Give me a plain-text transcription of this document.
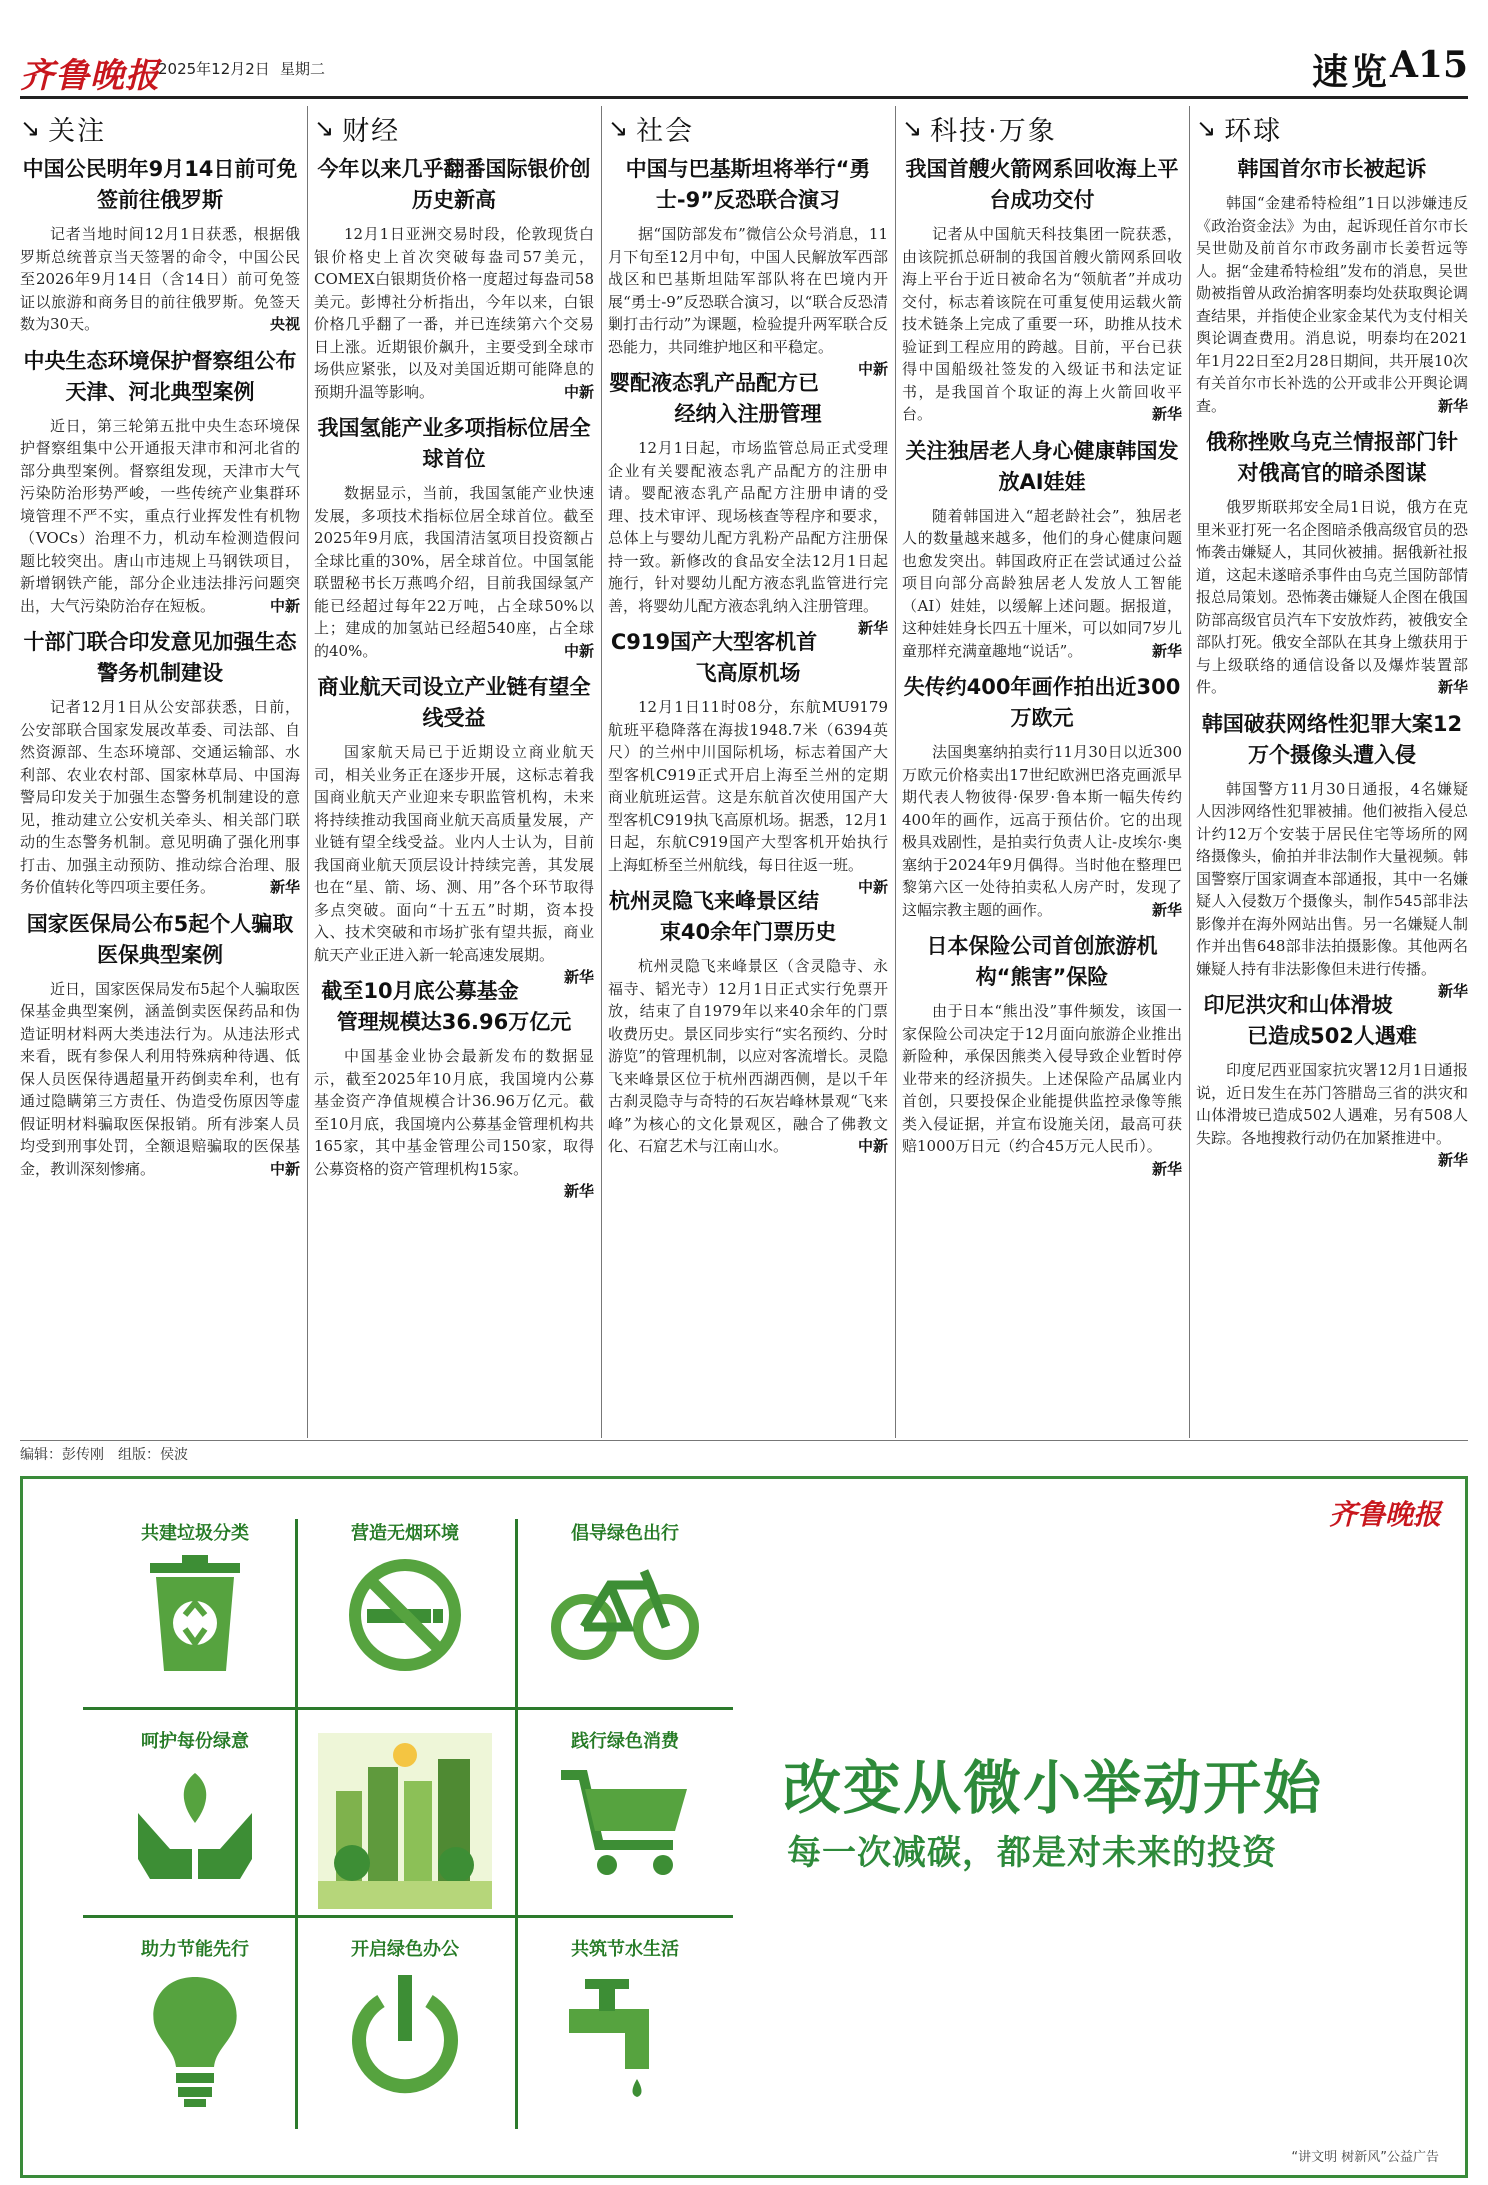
齐鲁晚报
2025年12月2日 星期二	速览 A15
↘ 关注
中国公民明年9月14日前可免签前往俄罗斯
记者当地时间12月1日获悉，根据俄罗斯总统普京当天签署的命令，中国公民至2026年9月14日（含14日）前可免签证以旅游和商务目的前往俄罗斯。免签天数为30天。	央视
中央生态环境保护督察组公布天津、河北典型案例
近日，第三轮第五批中央生态环境保护督察组集中公开通报天津市和河北省的部分典型案例。督察组发现，天津市大气污染防治形势严峻，一些传统产业集群环境管理不严不实，重点行业挥发性有机物（VOCs）治理不力，机动车检测造假问题比较突出。唐山市违规上马钢铁项目，新增钢铁产能，部分企业违法排污问题突出，大气污染防治存在短板。	中新
十部门联合印发意见加强生态警务机制建设
记者12月1日从公安部获悉，日前，公安部联合国家发展改革委、司法部、自然资源部、生态环境部、交通运输部、水利部、农业农村部、国家林草局、中国海警局印发关于加强生态警务机制建设的意见，推动建立公安机关牵头、相关部门联动的生态警务机制。意见明确了强化刑事打击、加强主动预防、推动综合治理、服务价值转化等四项主要任务。	新华
国家医保局公布5起个人骗取医保典型案例
近日，国家医保局发布5起个人骗取医保基金典型案例，涵盖倒卖医保药品和伪造证明材料两大类违法行为。从违法形式来看，既有参保人利用特殊病种待遇、低保人员医保待遇超量开药倒卖牟利，也有通过隐瞒第三方责任、伪造受伤原因等虚假证明材料骗取医保报销。所有涉案人员均受到刑事处罚，全额退赔骗取的医保基金，教训深刻惨痛。	中新
↘ 财经
今年以来几乎翻番国际银价创历史新高
12月1日亚洲交易时段，伦敦现货白银价格史上首次突破每盎司57美元，COMEX白银期货价格一度超过每盎司58美元。彭博社分析指出，今年以来，白银价格几乎翻了一番，并已连续第六个交易日上涨。近期银价飙升，主要受到全球市场供应紧张，以及对美国近期可能降息的预期升温等影响。	中新
我国氢能产业多项指标位居全球首位
数据显示，当前，我国氢能产业快速发展，多项技术指标位居全球首位。截至2025年9月底，我国清洁氢项目投资额占全球比重的30%，居全球首位。中国氢能联盟秘书长万燕鸣介绍，目前我国绿氢产能已经超过每年22万吨，占全球50%以上；建成的加氢站已经超540座，占全球的40%。	中新
商业航天司设立产业链有望全线受益
国家航天局已于近期设立商业航天司，相关业务正在逐步开展，这标志着我国商业航天产业迎来专职监管机构，未来将持续推动我国商业航天高质量发展，产业链有望全线受益。业内人士认为，目前我国商业航天顶层设计持续完善，其发展也在“星、箭、场、测、用”各个环节取得多点突破。面向“十五五”时期，资本投入、技术突破和市场扩张有望共振，商业航天产业正进入新一轮高速发展期。
新华
截至10月底公募基金管理规模达36.96万亿元
中国基金业协会最新发布的数据显示，截至2025年10月底，我国境内公募基金资产净值规模合计36.96万亿元。截至10月底，我国境内公募基金管理机构共165家，其中基金管理公司150家，取得公募资格的资产管理机构15家。
新华
↘ 社会
中国与巴基斯坦将举行“勇士-9”反恐联合演习
据“国防部发布”微信公众号消息，11月下旬至12月中旬，中国人民解放军西部战区和巴基斯坦陆军部队将在巴境内开展“勇士-9”反恐联合演习，以“联合反恐清剿打击行动”为课题，检验提升两军联合反恐能力，共同维护地区和平稳定。
中新
婴配液态乳产品配方已经纳入注册管理
12月1日起，市场监管总局正式受理企业有关婴配液态乳产品配方的注册申请。婴配液态乳产品配方注册申请的受理、技术审评、现场核查等程序和要求，总体上与婴幼儿配方乳粉产品配方注册保持一致。新修改的食品安全法12月1日起施行，针对婴幼儿配方液态乳监管进行完善，将婴幼儿配方液态乳纳入注册管理。
新华
C919国产大型客机首飞高原机场
12月1日11时08分，东航MU9179航班平稳降落在海拔1948.7米（6394英尺）的兰州中川国际机场，标志着国产大型客机C919正式开启上海至兰州的定期商业航班运营。这是东航首次使用国产大型客机C919执飞高原机场。据悉，12月1日起，东航C919国产大型客机开始执行上海虹桥至兰州航线，每日往返一班。
中新
杭州灵隐飞来峰景区结束40余年门票历史
杭州灵隐飞来峰景区（含灵隐寺、永福寺、韬光寺）12月1日正式实行免票开放，结束了自1979年以来40余年的门票收费历史。景区同步实行“实名预约、分时游览”的管理机制，以应对客流增长。灵隐飞来峰景区位于杭州西湖西侧，是以千年古刹灵隐寺与奇特的石灰岩峰林景观“飞来峰”为核心的文化景观区，融合了佛教文化、石窟艺术与江南山水。	中新
↘ 科技·万象
我国首艘火箭网系回收海上平台成功交付
记者从中国航天科技集团一院获悉，由该院抓总研制的我国首艘火箭网系回收海上平台于近日被命名为“领航者”并成功交付，标志着该院在可重复使用运载火箭技术链条上完成了重要一环，助推从技术验证到工程应用的跨越。目前，平台已获得中国船级社签发的入级证书和法定证书，是我国首个取证的海上火箭回收平台。	新华
关注独居老人身心健康韩国发放AI娃娃
随着韩国进入“超老龄社会”，独居老人的数量越来越多，他们的身心健康问题也愈发突出。韩国政府正在尝试通过公益项目向部分高龄独居老人发放人工智能（AI）娃娃，以缓解上述问题。据报道，这种娃娃身长四五十厘米，可以如同7岁儿童那样充满童趣地“说话”。	新华
失传约400年画作拍出近300万欧元
法国奥塞纳拍卖行11月30日以近300万欧元价格卖出17世纪欧洲巴洛克画派早期代表人物彼得·保罗·鲁本斯一幅失传约400年的画作，远高于预估价。它的出现极具戏剧性，是拍卖行负责人让-皮埃尔·奥塞纳于2024年9月偶得。当时他在整理巴黎第六区一处待拍卖私人房产时，发现了这幅宗教主题的画作。	新华
日本保险公司首创旅游机构“熊害”保险
由于日本“熊出没”事件频发，该国一家保险公司决定于12月面向旅游企业推出新险种，承保因熊类入侵导致企业暂时停业带来的经济损失。上述保险产品属业内首创，只要投保企业能提供监控录像等熊类入侵证据，并宣布设施关闭，最高可获赔1000万日元（约合45万元人民币）。
新华
↘ 环球
韩国首尔市长被起诉
韩国“金建希特检组”1日以涉嫌违反《政治资金法》为由，起诉现任首尔市长吴世勋及前首尔市政务副市长姜哲远等人。据“金建希特检组”发布的消息，吴世勋被指曾从政治掮客明泰均处获取舆论调查结果，并指使企业家金某代为支付相关舆论调查费用。消息说，明泰均在2021年1月22日至2月28日期间，共开展10次有关首尔市长补选的公开或非公开舆论调查。	新华
俄称挫败乌克兰情报部门针对俄高官的暗杀图谋
俄罗斯联邦安全局1日说，俄方在克里米亚打死一名企图暗杀俄高级官员的恐怖袭击嫌疑人，其同伙被捕。据俄新社报道，这起未遂暗杀事件由乌克兰国防部情报总局策划。恐怖袭击嫌疑人企图在俄国防部高级官员汽车下安放炸药，被俄安全部队打死。俄安全部队在其身上缴获用于与上级联络的通信设备以及爆炸装置部件。	新华
韩国破获网络性犯罪大案12万个摄像头遭入侵
韩国警方11月30日通报，4名嫌疑人因涉网络性犯罪被捕。他们被指入侵总计约12万个安装于居民住宅等场所的网络摄像头，偷拍并非法制作大量视频。韩国警察厅国家调查本部通报，其中一名嫌疑人入侵数万个摄像头，制作545部非法影像并在海外网站出售。另一名嫌疑人制作并出售648部非法拍摄影像。其他两名嫌疑人持有非法影像但未进行传播。
新华
印尼洪灾和山体滑坡已造成502人遇难
印度尼西亚国家抗灾署12月1日通报说，近日发生在苏门答腊岛三省的洪灾和山体滑坡已造成502人遇难，另有508人失踪。各地搜救行动仍在加紧推进中。
新华
编辑：彭传刚　组版：侯波
齐鲁晚报
共建垃圾分类	营造无烟环境	倡导绿色出行
呵护每份绿意	践行绿色消费
助力节能先行	开启绿色办公	共筑节水生活
改变从微小举动开始
每一次减碳，都是对未来的投资
“讲文明 树新风”公益广告
